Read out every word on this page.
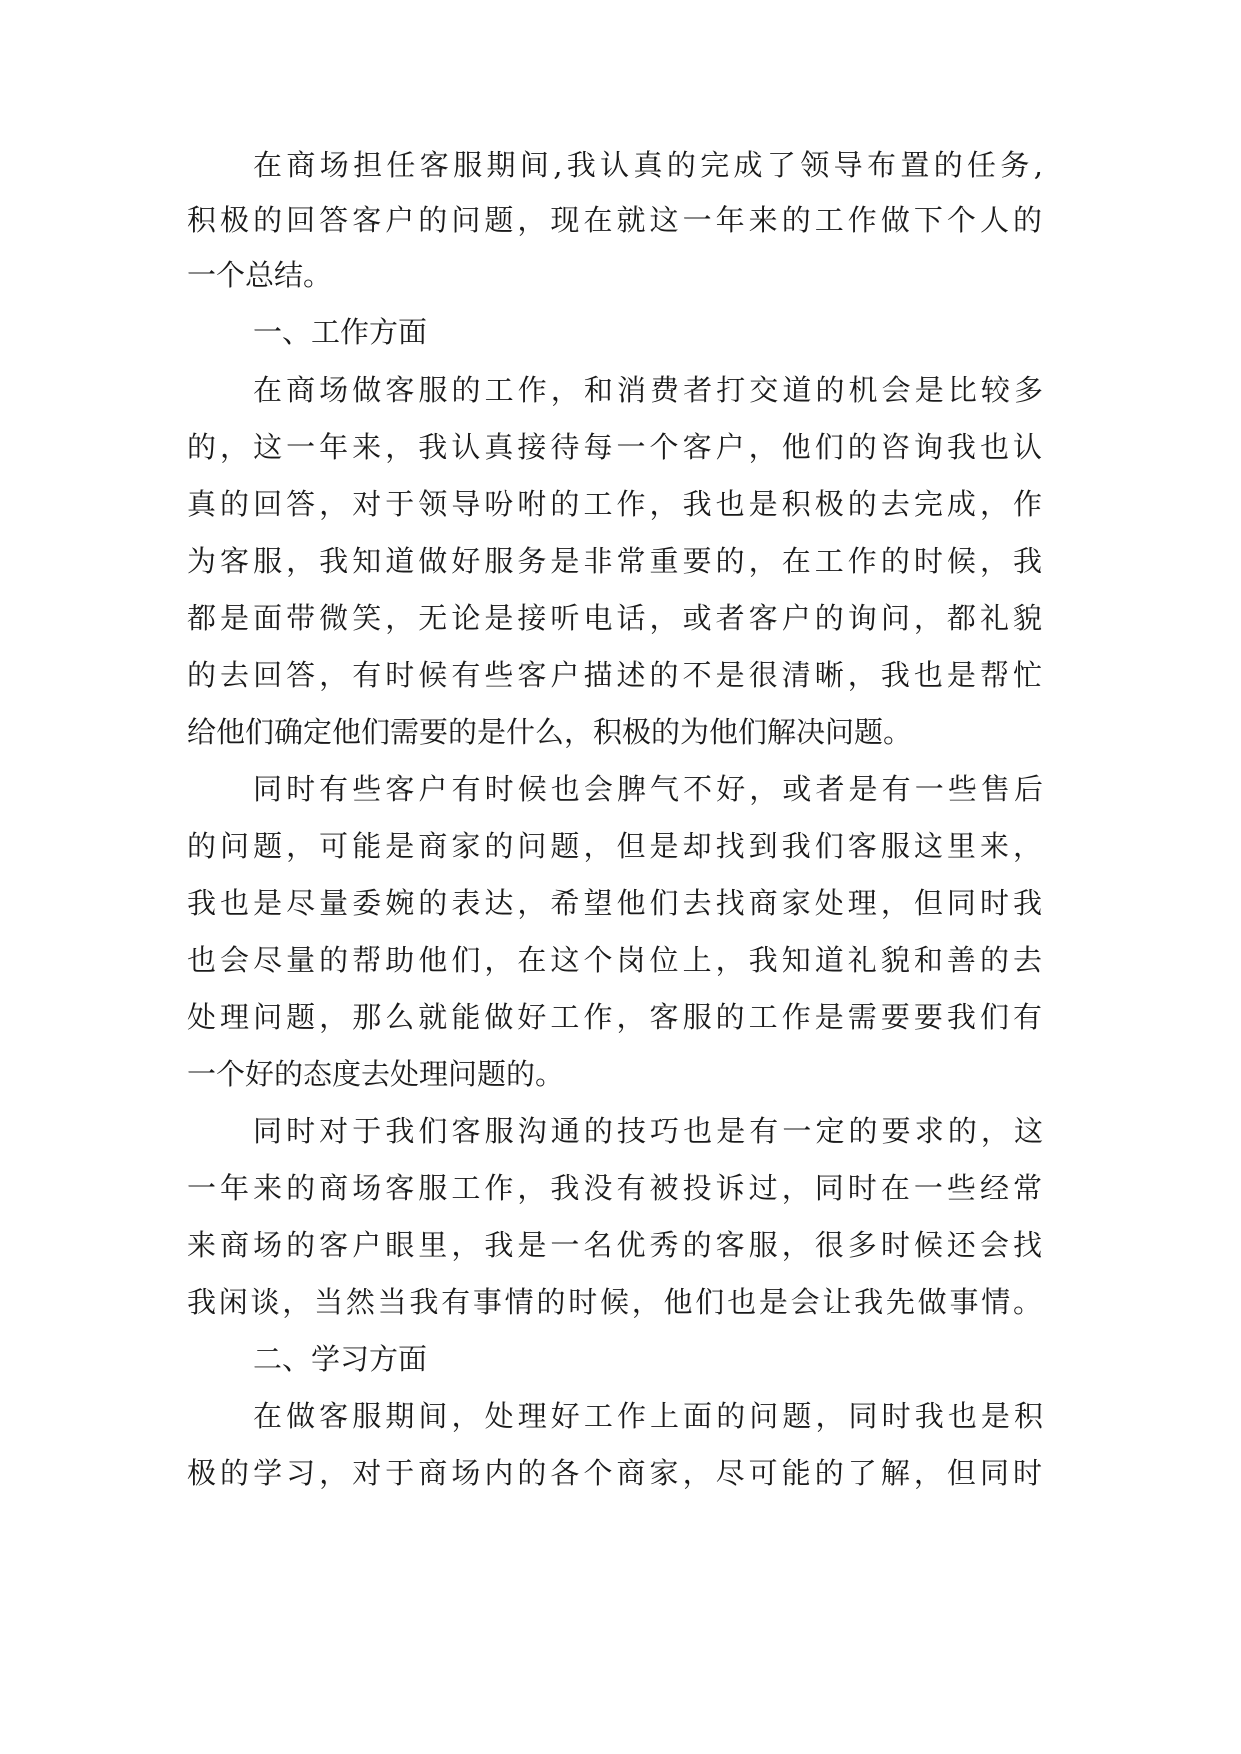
在商场担任客服期间,我认真的完成了领导布置的任务,
积极的回答客户的问题，现在就这一年来的工作做下个人的
一个总结。
一、工作方面
在商场做客服的工作，和消费者打交道的机会是比较多
的，这一年来，我认真接待每一个客户，他们的咨询我也认
真的回答，对于领导吩咐的工作，我也是积极的去完成，作
为客服，我知道做好服务是非常重要的，在工作的时候，我
都是面带微笑，无论是接听电话，或者客户的询问，都礼貌
的去回答，有时候有些客户描述的不是很清晰，我也是帮忙
给他们确定他们需要的是什么，积极的为他们解决问题。
同时有些客户有时候也会脾气不好，或者是有一些售后
的问题，可能是商家的问题，但是却找到我们客服这里来，
我也是尽量委婉的表达，希望他们去找商家处理，但同时我
也会尽量的帮助他们，在这个岗位上，我知道礼貌和善的去
处理问题，那么就能做好工作，客服的工作是需要要我们有
一个好的态度去处理问题的。
同时对于我们客服沟通的技巧也是有一定的要求的，这
一年来的商场客服工作，我没有被投诉过，同时在一些经常
来商场的客户眼里，我是一名优秀的客服，很多时候还会找
我闲谈，当然当我有事情的时候，他们也是会让我先做事情。
二、学习方面
在做客服期间，处理好工作上面的问题，同时我也是积
极的学习，对于商场内的各个商家，尽可能的了解，但同时
